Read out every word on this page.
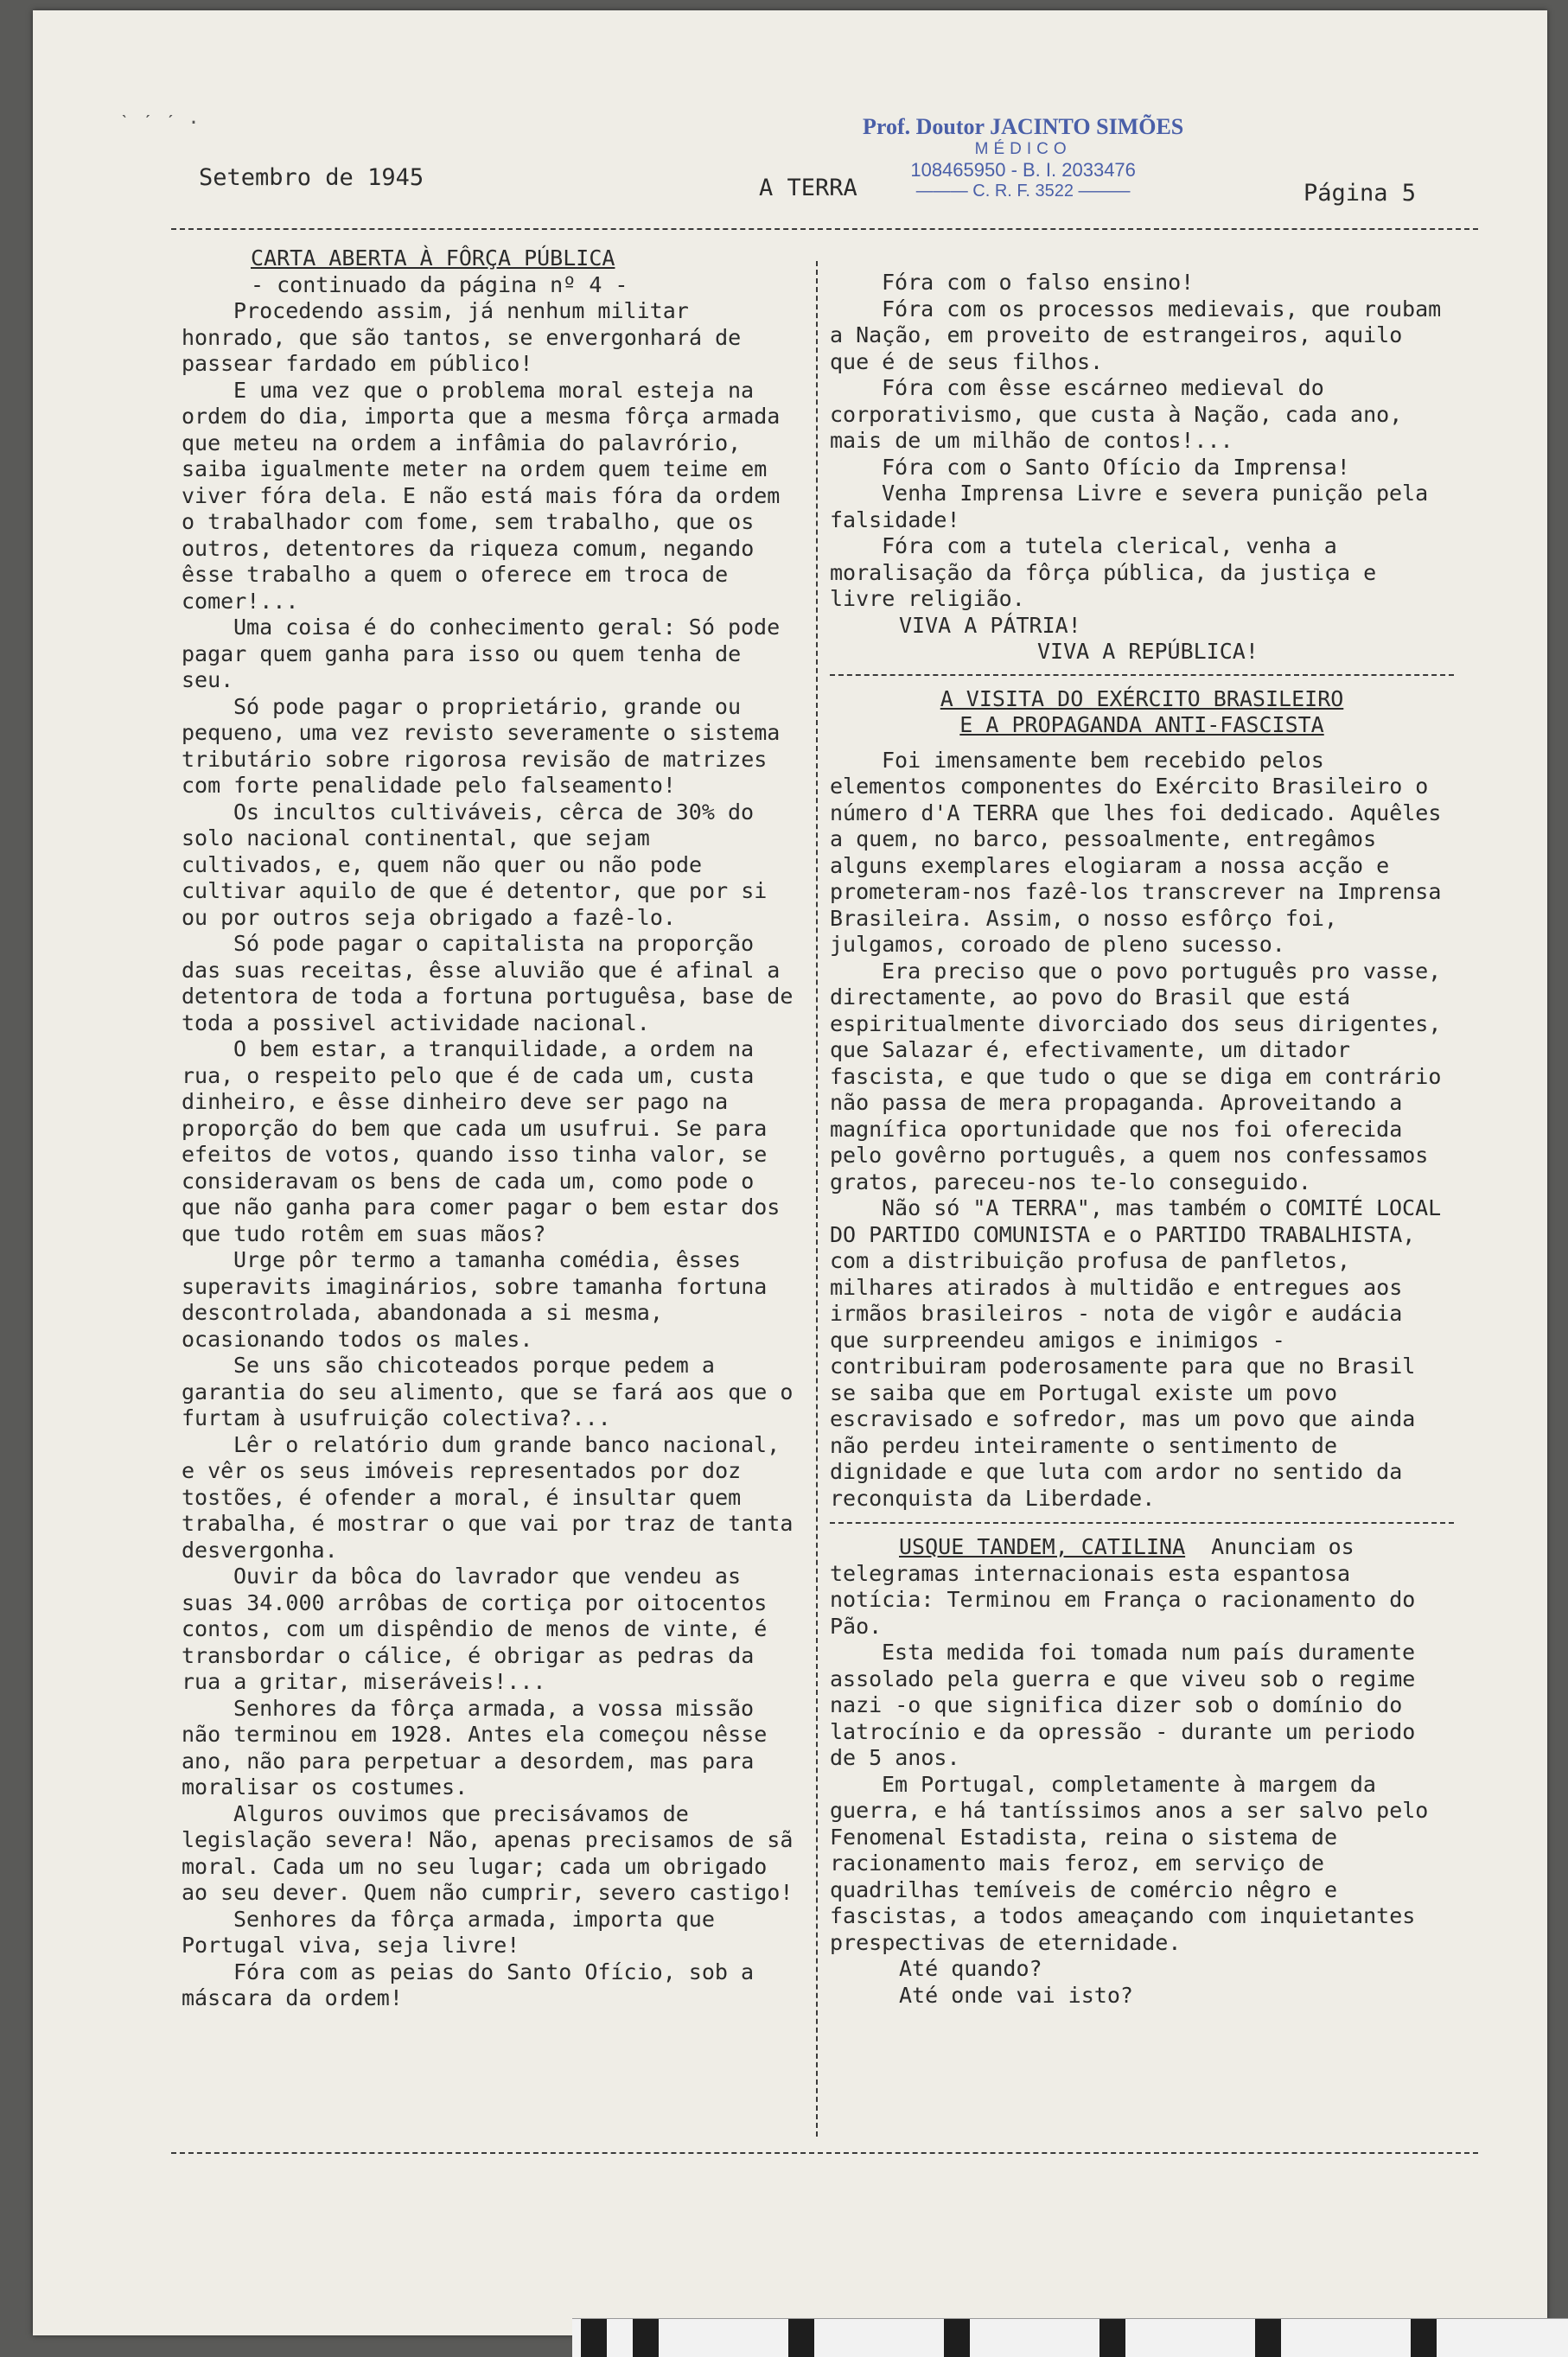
ˋ ˊ ˊ ·
Setembro de 1945	A TERRA	Página 5
Prof. Doutor JACINTO SIMÕES
MÉDICO
108465950 - B. I. 2033476
——— C. R. F. 3522 ———

CARTA ABERTA À FÔRÇA PÚBLICA

- continuado da página nº 4 -

Procedendo assim, já nenhum militar honrado, que são tantos, se envergonhará de passear fardado em público!

E uma vez que o problema moral esteja na ordem do dia, importa que a mesma fôrça armada que meteu na ordem a infâmia do palavrório, saiba igualmente meter na ordem quem teime em viver fóra dela. E não está mais fóra da ordem o trabalhador com fome, sem trabalho, que os outros, detentores da riqueza comum, negando êsse trabalho a quem o oferece em troca de comer!...

Uma coisa é do conhecimento geral: Só pode pagar quem ganha para isso ou quem tenha de seu.

Só pode pagar o proprietário, grande ou pequeno, uma vez revisto severamente o sistema tributário sobre rigorosa revisão de matrizes com forte penalidade pelo falseamento!

Os incultos cultiváveis, cêrca de 30% do solo nacional continental, que sejam cultivados, e, quem não quer ou não pode cultivar aquilo de que é detentor, que por si ou por outros seja obrigado a fazê-lo.

Só pode pagar o capitalista na proporção das suas receitas, êsse aluvião que é afinal a detentora de toda a fortuna portuguêsa, base de toda a possivel actividade nacional.

O bem estar, a tranquilidade, a ordem na rua, o respeito pelo que é de cada um, custa dinheiro, e êsse dinheiro deve ser pago na proporção do bem que cada um usufrui. Se para efeitos de votos, quando isso tinha valor, se consideravam os bens de cada um, como pode o que não ganha para comer pagar o bem estar dos que tudo rotêm em suas mãos?

Urge pôr termo a tamanha comédia, êsses superavits imaginários, sobre tamanha fortuna descontrolada, abandonada a si mesma, ocasionando todos os males.

Se uns são chicoteados porque pedem a garantia do seu alimento, que se fará aos que o furtam à usufruição colectiva?...

Lêr o relatório dum grande banco nacional, e vêr os seus imóveis representados por doz tostões, é ofender a moral, é insultar quem trabalha, é mostrar o que vai por traz de tanta desvergonha.

Ouvir da bôca do lavrador que vendeu as suas 34.000 arrôbas de cortiça por oitocentos contos, com um dispêndio de menos de vinte, é transbordar o cálice, é obrigar as pedras da rua a gritar, miseráveis!...

Senhores da fôrça armada, a vossa missão não terminou em 1928. Antes ela começou nêsse ano, não para perpetuar a desordem, mas para moralisar os costumes.

Alguros ouvimos que precisávamos de legislação severa! Não, apenas precisamos de sã moral. Cada um no seu lugar; cada um obrigado ao seu dever. Quem não cumprir, severo castigo!

Senhores da fôrça armada, importa que Portugal viva, seja livre!

Fóra com as peias do Santo Ofício, sob a máscara da ordem!

Fóra com o falso ensino!

Fóra com os processos medievais, que roubam a Nação, em proveito de estrangeiros, aquilo que é de seus filhos.

Fóra com êsse escárneo medieval do corporativismo, que custa à Nação, cada ano, mais de um milhão de contos!...

Fóra com o Santo Ofício da Imprensa!

Venha Imprensa Livre e severa punição pela falsidade!

Fóra com a tutela clerical, venha a moralisação da fôrça pública, da justiça e livre religião.

VIVA A PÁTRIA!

VIVA A REPÚBLICA!

A VISITA DO EXÉRCITO BRASILEIRO

E A PROPAGANDA ANTI-FASCISTA

Foi imensamente bem recebido pelos elementos componentes do Exército Brasileiro o número d'A TERRA que lhes foi dedicado. Aquêles a quem, no barco, pessoalmente, entregâmos alguns exemplares elogiaram a nossa acção e prometeram-nos fazê-los transcrever na Imprensa Brasileira. Assim, o nosso esfôrço foi, julgamos, coroado de pleno sucesso.

Era preciso que o povo português pro vasse, directamente, ao povo do Brasil que está espiritualmente divorciado dos seus dirigentes, que Salazar é, efectivamente, um ditador fascista, e que tudo o que se diga em contrário não passa de mera propaganda. Aproveitando a magnífica oportunidade que nos foi oferecida pelo govêrno português, a quem nos confessamos gratos, pareceu-nos te-lo conseguido.

Não só "A TERRA", mas também o COMITÉ LOCAL DO PARTIDO COMUNISTA e o PARTIDO TRABALHISTA, com a distribuição profusa de panfletos, milhares atirados à multidão e entregues aos irmãos brasileiros - nota de vigôr e audácia que surpreendeu amigos e inimigos - contribuiram poderosamente para que no Brasil se saiba que em Portugal existe um povo escravisado e sofredor, mas um povo que ainda não perdeu inteiramente o sentimento de dignidade e que luta com ardor no sentido da reconquista da Liberdade.

USQUE TANDEM, CATILINA Anunciam os telegramas internacionais esta espantosa notícia: Terminou em França o racionamento do Pão.

Esta medida foi tomada num país duramente assolado pela guerra e que viveu sob o regime nazi -o que significa dizer sob o domínio do latrocínio e da opressão - durante um periodo de 5 anos.

Em Portugal, completamente à margem da guerra, e há tantíssimos anos a ser salvo pelo Fenomenal Estadista, reina o sistema de racionamento mais feroz, em serviço de quadrilhas temíveis de comércio nêgro e fascistas, a todos ameaçando com inquietantes prespectivas de eternidade.

Até quando?

Até onde vai isto?
